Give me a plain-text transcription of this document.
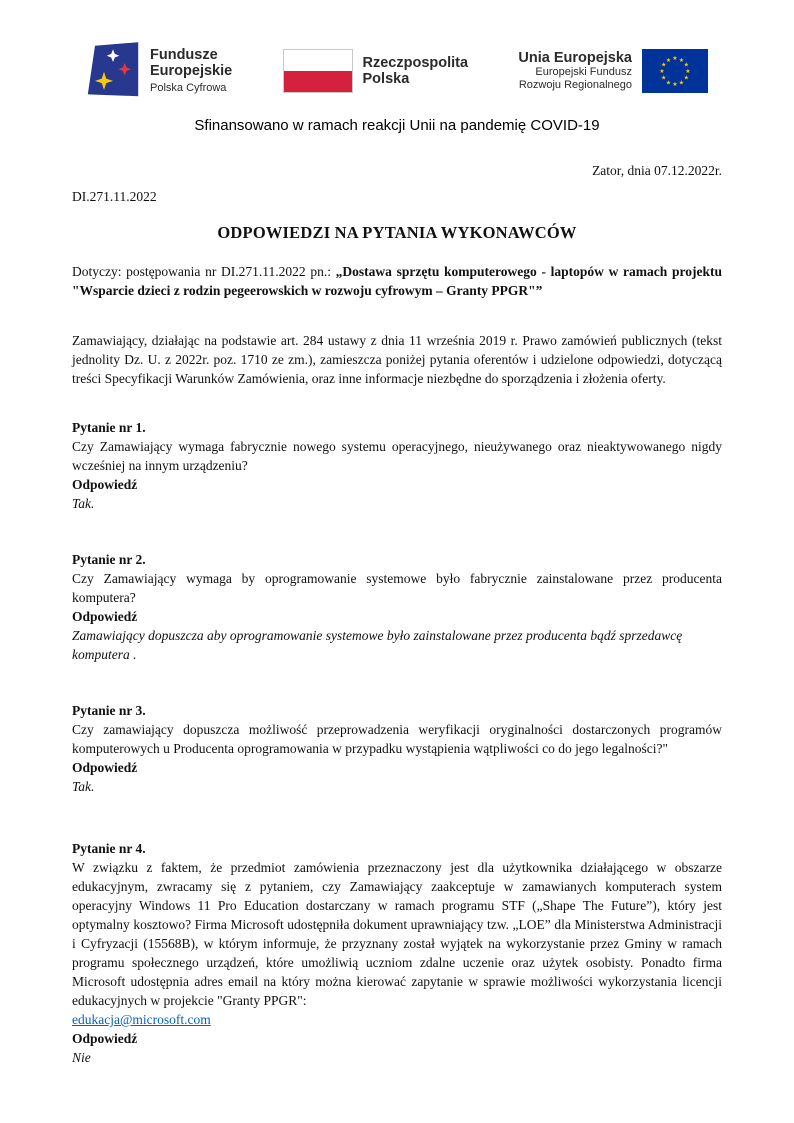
Fundusze
Europejskie
Polska Cyfrowa
Rzeczpospolita
Polska
Unia Europejska
Europejski Fundusz
Rozwoju Regionalnego
★ ★
★
★
★
★
★
★
★
★
★
★
Sfinansowano w ramach reakcji Unii na pandemię COVID-19
Zator, dnia 07.12.2022r.
DI.271.11.2022
ODPOWIEDZI NA PYTANIA WYKONAWCÓW

Dotyczy: postępowania nr DI.271.11.2022 pn.: „Dostawa sprzętu komputerowego - laptopów w ramach projektu "Wsparcie dzieci z rodzin pegeerowskich w rozwoju cyfrowym – Granty PPGR"”

Zamawiający, działając na podstawie art. 284 ustawy z dnia 11 września 2019 r. Prawo zamówień publicznych (tekst jednolity Dz. U. z 2022r. poz. 1710 ze zm.), zamieszcza poniżej pytania oferentów i udzielone odpowiedzi, dotyczącą treści Specyfikacji Warunków Zamówienia, oraz inne informacje niezbędne do sporządzenia i złożenia oferty.

Pytanie nr 1.
Czy Zamawiający wymaga fabrycznie nowego systemu operacyjnego, nieużywanego oraz nieaktywowanego nigdy wcześniej na innym urządzeniu?
Odpowiedź
Tak.
Pytanie nr 2.
Czy Zamawiający wymaga by oprogramowanie systemowe było fabrycznie zainstalowane przez producenta komputera?
Odpowiedź
Zamawiający dopuszcza aby oprogramowanie systemowe było zainstalowane przez producenta bądź sprzedawcę komputera .
Pytanie nr 3.
Czy zamawiający dopuszcza możliwość przeprowadzenia weryfikacji oryginalności dostarczonych programów komputerowych u Producenta oprogramowania w przypadku wystąpienia wątpliwości co do jego legalności?"
Odpowiedź
Tak.
Pytanie nr 4.
W związku z faktem, że przedmiot zamówienia przeznaczony jest dla użytkownika działającego w obszarze edukacyjnym, zwracamy się z pytaniem, czy Zamawiający zaakceptuje w zamawianych komputerach system operacyjny Windows 11 Pro Education dostarczany w ramach programu STF („Shape The Future”), który jest optymalny kosztowo? Firma Microsoft udostępniła dokument uprawniający tzw. „LOE” dla Ministerstwa Administracji i Cyfryzacji (15568B), w którym informuje, że przyznany został wyjątek na wykorzystanie przez Gminy w ramach programu społecznego urządzeń, które umożliwią uczniom zdalne uczenie oraz użytek osobisty. Ponadto firma Microsoft udostępnia adres email na który można kierować zapytanie w sprawie możliwości wykorzystania licencji edukacyjnych w projekcie "Granty PPGR":
edukacja@microsoft.com
Odpowiedź
Nie
